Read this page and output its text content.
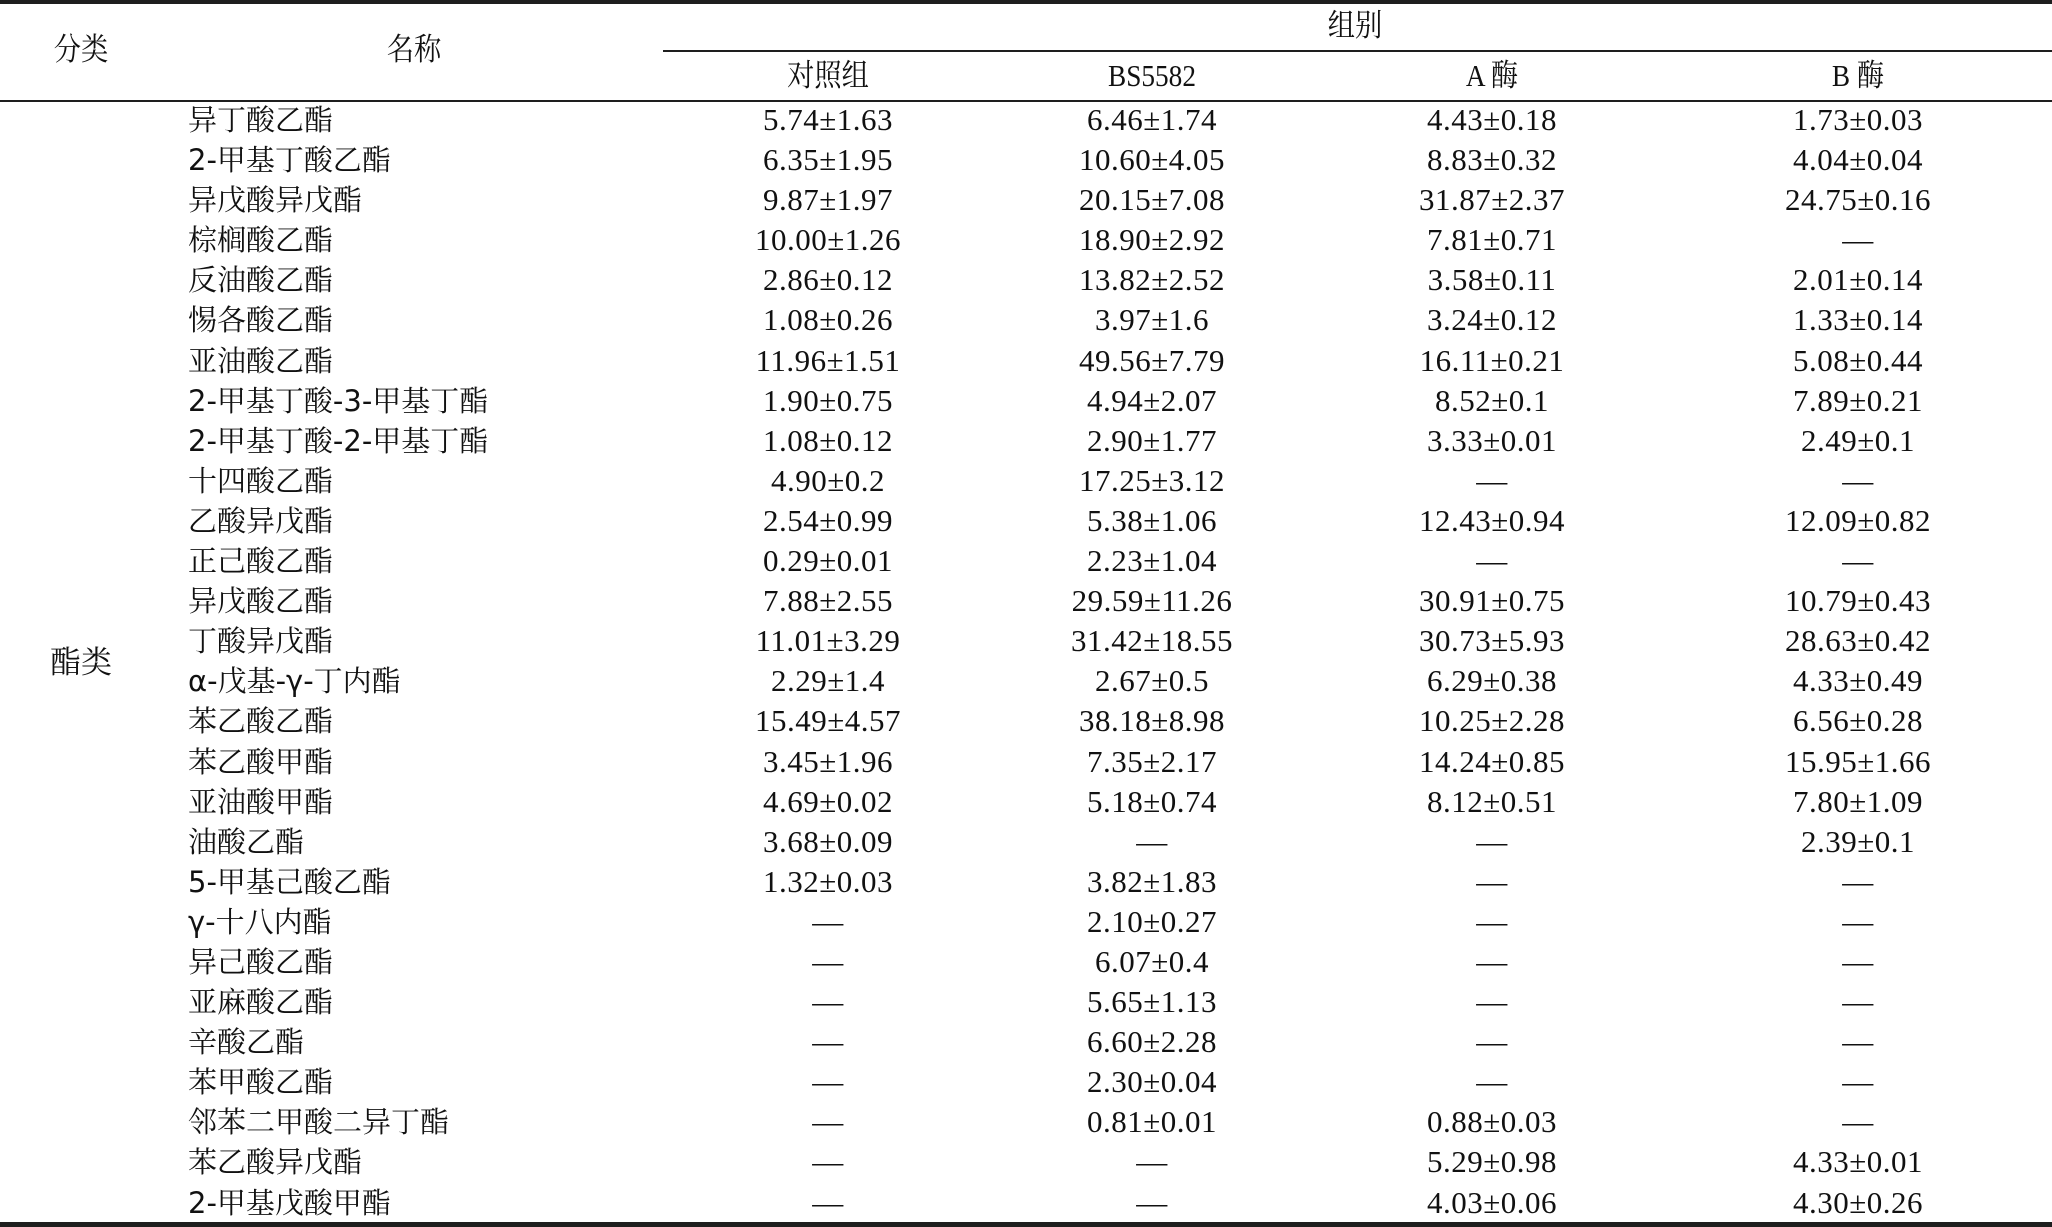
分类	名称
组别
对照组	BS5582	A 酶	B 酶
酯类
异丁酸乙酯	5.74±1.63	6.46±1.74	4.43±0.18	1.73±0.03
2-甲基丁酸乙酯	6.35±1.95	10.60±4.05	8.83±0.32	4.04±0.04
异戊酸异戊酯	9.87±1.97	20.15±7.08	31.87±2.37	24.75±0.16
棕榈酸乙酯	10.00±1.26	18.90±2.92	7.81±0.71	—
反油酸乙酯	2.86±0.12	13.82±2.52	3.58±0.11	2.01±0.14
惕各酸乙酯	1.08±0.26	3.97±1.6	3.24±0.12	1.33±0.14
亚油酸乙酯	11.96±1.51	49.56±7.79	16.11±0.21	5.08±0.44
2-甲基丁酸-3-甲基丁酯	1.90±0.75	4.94±2.07	8.52±0.1	7.89±0.21
2-甲基丁酸-2-甲基丁酯	1.08±0.12	2.90±1.77	3.33±0.01	2.49±0.1
十四酸乙酯	4.90±0.2	17.25±3.12	—	—
乙酸异戊酯	2.54±0.99	5.38±1.06	12.43±0.94	12.09±0.82
正己酸乙酯	0.29±0.01	2.23±1.04	—	—
异戊酸乙酯	7.88±2.55	29.59±11.26	30.91±0.75	10.79±0.43
丁酸异戊酯	11.01±3.29	31.42±18.55	30.73±5.93	28.63±0.42
α-戊基-γ-丁内酯	2.29±1.4	2.67±0.5	6.29±0.38	4.33±0.49
苯乙酸乙酯	15.49±4.57	38.18±8.98	10.25±2.28	6.56±0.28
苯乙酸甲酯	3.45±1.96	7.35±2.17	14.24±0.85	15.95±1.66
亚油酸甲酯	4.69±0.02	5.18±0.74	8.12±0.51	7.80±1.09
油酸乙酯	3.68±0.09	—	—	2.39±0.1
5-甲基己酸乙酯	1.32±0.03	3.82±1.83	—	—
γ-十八内酯	—	2.10±0.27	—	—
异己酸乙酯	—	6.07±0.4	—	—
亚麻酸乙酯	—	5.65±1.13	—	—
辛酸乙酯	—	6.60±2.28	—	—
苯甲酸乙酯	—	2.30±0.04	—	—
邻苯二甲酸二异丁酯	—	0.81±0.01	0.88±0.03	—
苯乙酸异戊酯	—	—	5.29±0.98	4.33±0.01
2-甲基戊酸甲酯	—	—	4.03±0.06	4.30±0.26
